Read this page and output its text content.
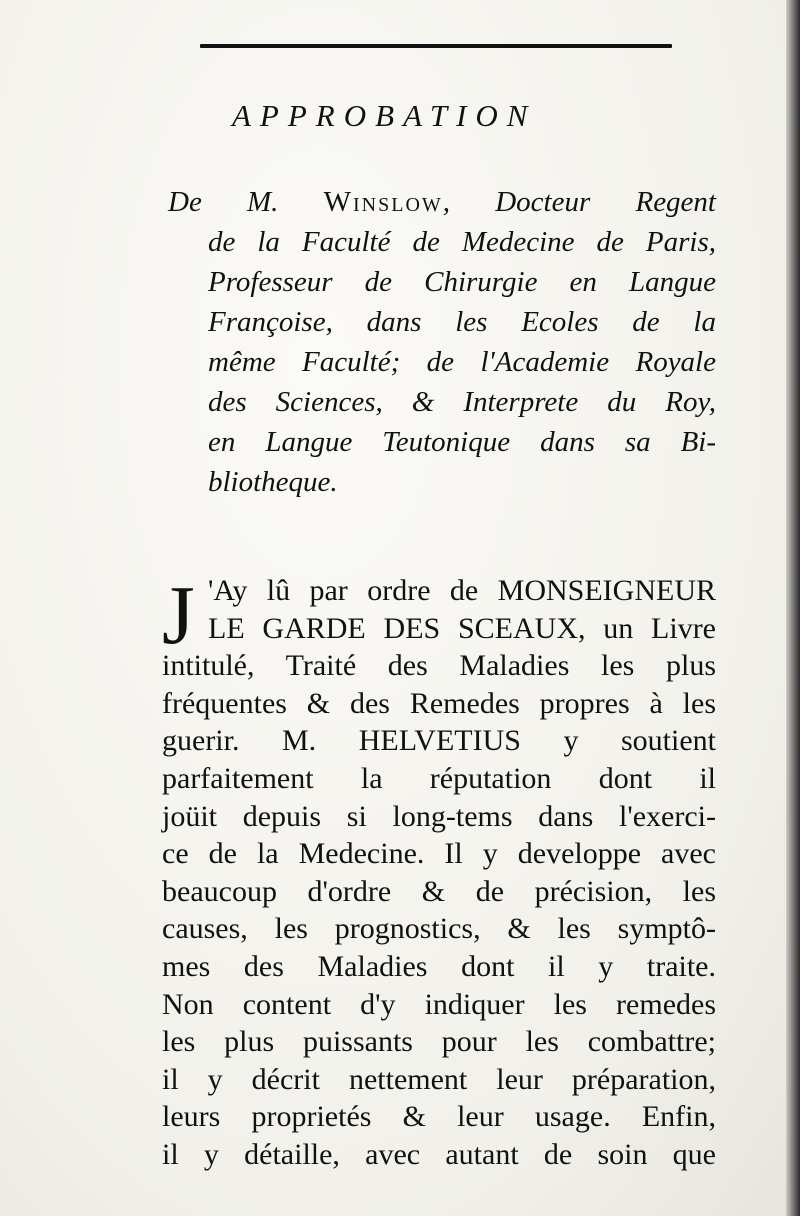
APPROBATION
De M. Winslow, Docteur Regent
de la Faculté de Medecine de Paris,
Professeur de Chirurgie en Langue
Françoise, dans les Ecoles de la
même Faculté; de l'Academie Royale
des Sciences, & Interprete du Roy,
en Langue Teutonique dans sa Bi-
bliotheque.
J 'Ay lû par ordre de MONSEIGNEUR
LE GARDE DES SCEAUX, un Livre
intitulé, Traité des Maladies les plus
fréquentes & des Remedes propres à les
guerir. M. HELVETIUS y soutient
parfaitement la réputation dont il
joüit depuis si long-tems dans l'exerci-
ce de la Medecine. Il y developpe avec
beaucoup d'ordre & de précision, les
causes, les prognostics, & les symptô-
mes des Maladies dont il y traite.
Non content d'y indiquer les remedes
les plus puissants pour les combattre;
il y décrit nettement leur préparation,
leurs proprietés & leur usage. Enfin,
il y détaille, avec autant de soin que
